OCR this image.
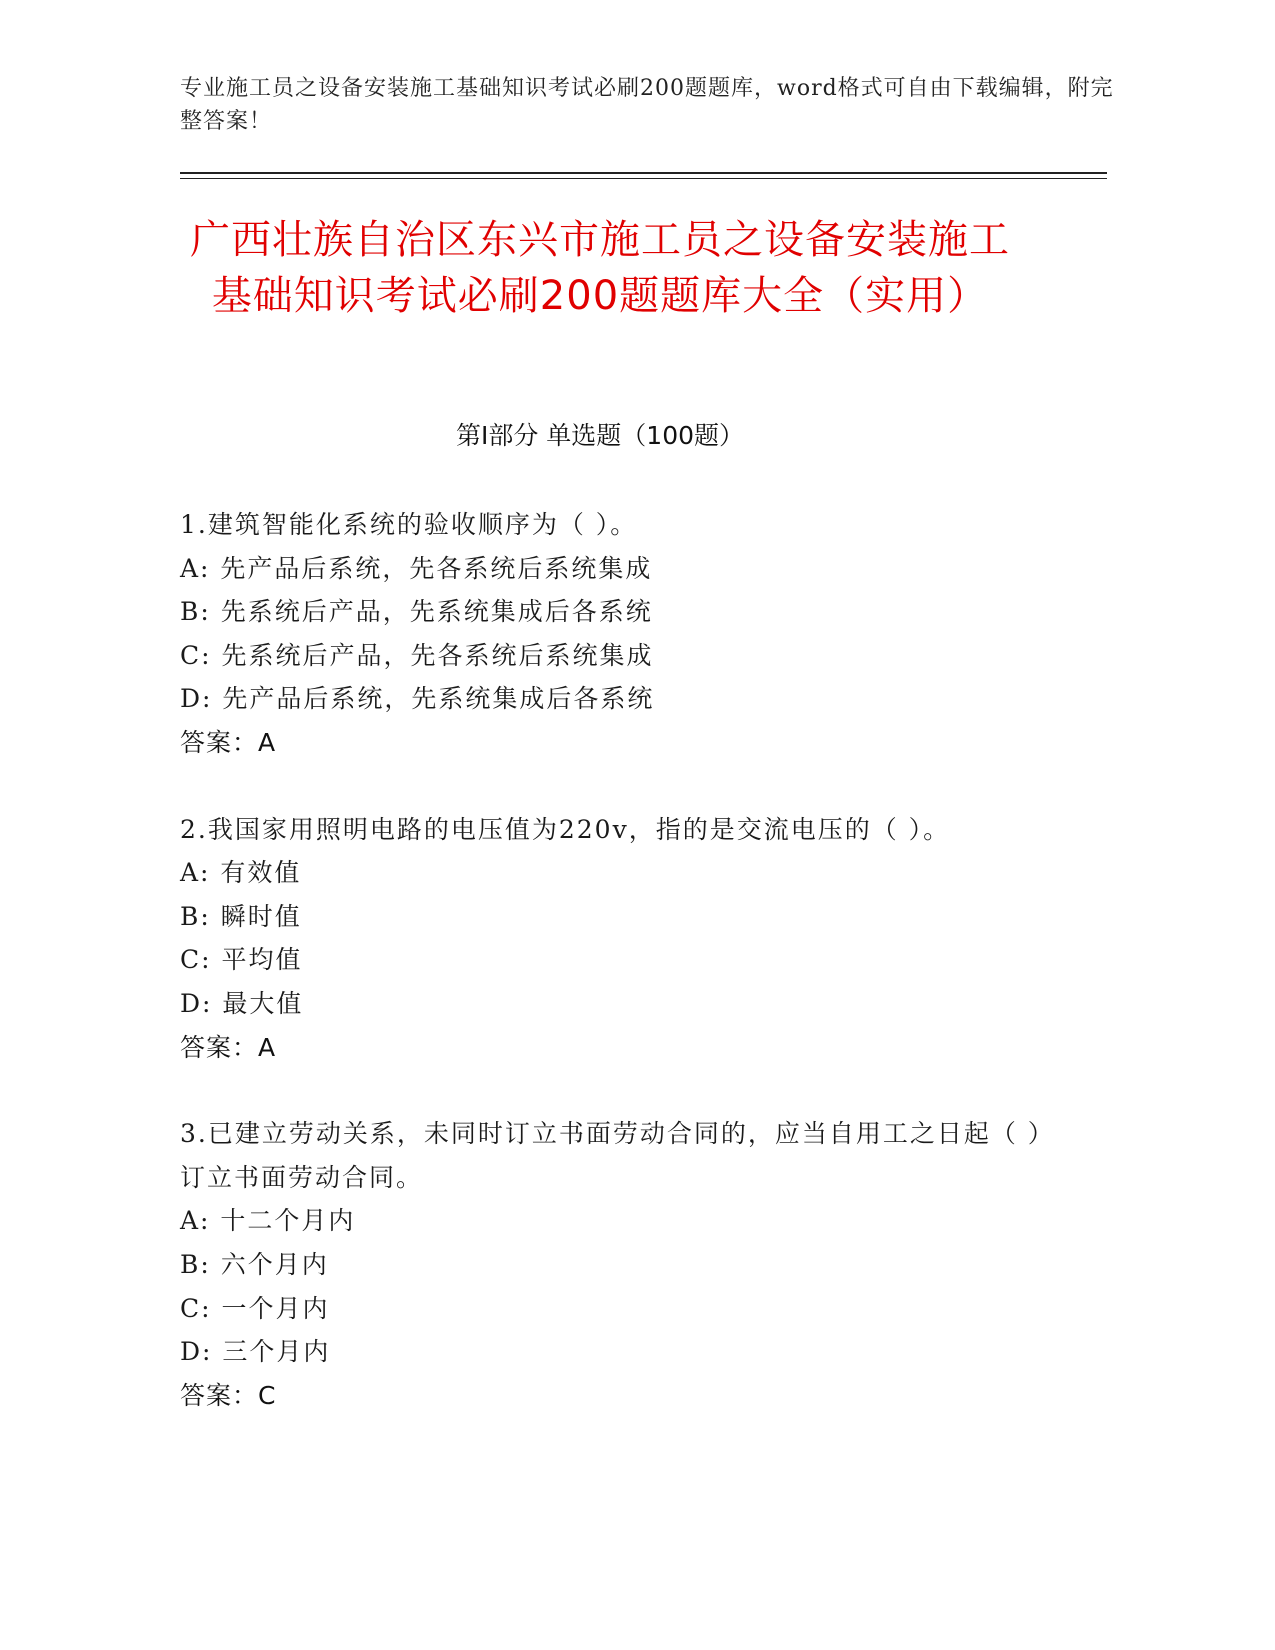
专业施工员之设备安装施工基础知识考试必刷200题题库，word格式可自由下载编辑，附完整答案！
广西壮族自治区东兴市施工员之设备安装施工基础知识考试必刷200题题库大全（实用）
第I部分 单选题（100题）
1.建筑智能化系统的验收顺序为（ ）。
A: 先产品后系统，先各系统后系统集成
B: 先系统后产品，先系统集成后各系统
C: 先系统后产品，先各系统后系统集成
D: 先产品后系统，先系统集成后各系统
答案：A
2.我国家用照明电路的电压值为220v，指的是交流电压的（ ）。
A: 有效值
B: 瞬时值
C: 平均值
D: 最大值
答案：A
3.已建立劳动关系，未同时订立书面劳动合同的，应当自用工之日起（ ）订立书面劳动合同。
A: 十二个月内
B: 六个月内
C: 一个月内
D: 三个月内
答案：C
